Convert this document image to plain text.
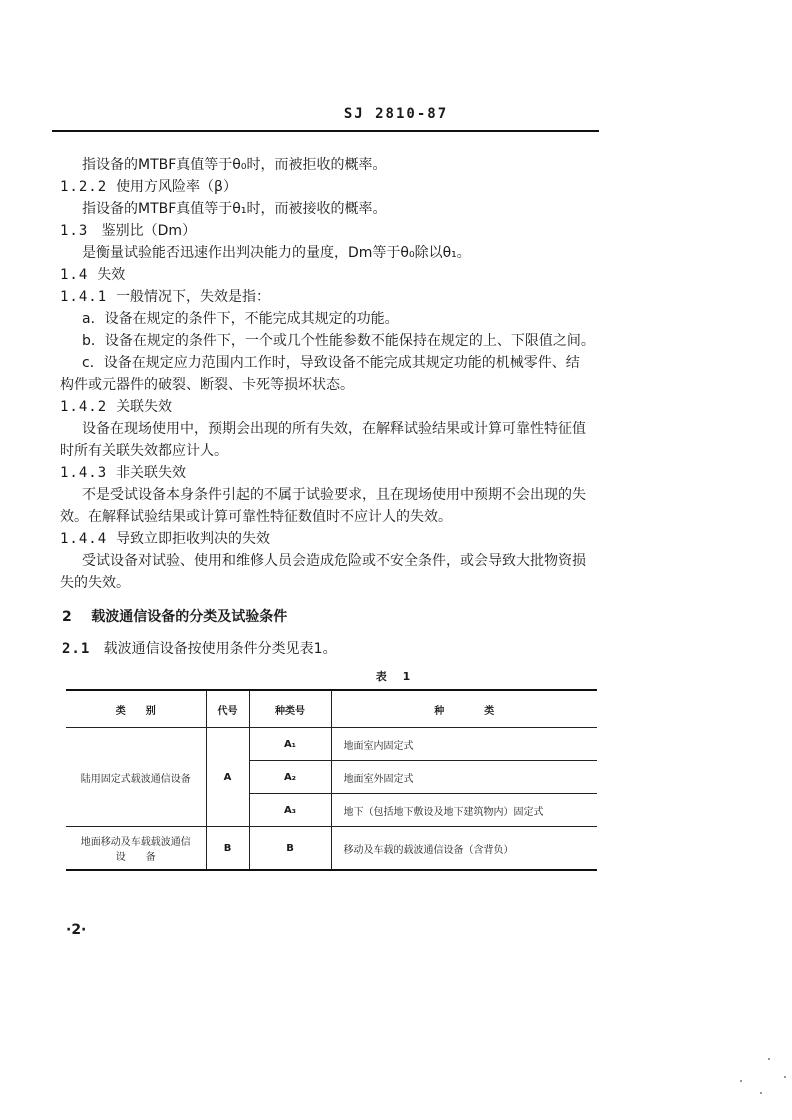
SJ 2810-87
指设备的MTBF真值等于θ₀时，而被拒收的概率。
1.2.2 使用方风险率（β）
指设备的MTBF真值等于θ₁时，而被接收的概率。
1.3 鉴别比（Dm）
是衡量试验能否迅速作出判决能力的量度，Dm等于θ₀除以θ₁。
1.4 失效
1.4.1 一般情况下，失效是指：
a．设备在规定的条件下，不能完成其规定的功能。
b．设备在规定的条件下，一个或几个性能参数不能保持在规定的上、下限值之间。
c．设备在规定应力范围内工作时，导致设备不能完成其规定功能的机械零件、结
构件或元器件的破裂、断裂、卡死等损坏状态。
1.4.2 关联失效
设备在现场使用中，预期会出现的所有失效，在解释试验结果或计算可靠性特征值
时所有关联失效都应计人。
1.4.3 非关联失效
不是受试设备本身条件引起的不属于试验要求，且在现场使用中预期不会出现的失
效。在解释试验结果或计算可靠性特征数值时不应计人的失效。
1.4.4 导致立即拒收判决的失效
受试设备对试验、使用和维修人员会造成危险或不安全条件，或会导致大批物资损
失的失效。
2 载波通信设备的分类及试验条件
2.1 载波通信设备按使用条件分类见表1。
表 1
类　　别	代号	种类号	种　　　　类
陆用固定式载波通信设备	A	A₁	地面室内固定式
		A₂	地面室外固定式
		A₃	地下（包括地下敷设及地下建筑物内）固定式

地面移动及车载载波通信
设　　备	B	B	移动及车载的载波通信设备（含背负）
·2·
